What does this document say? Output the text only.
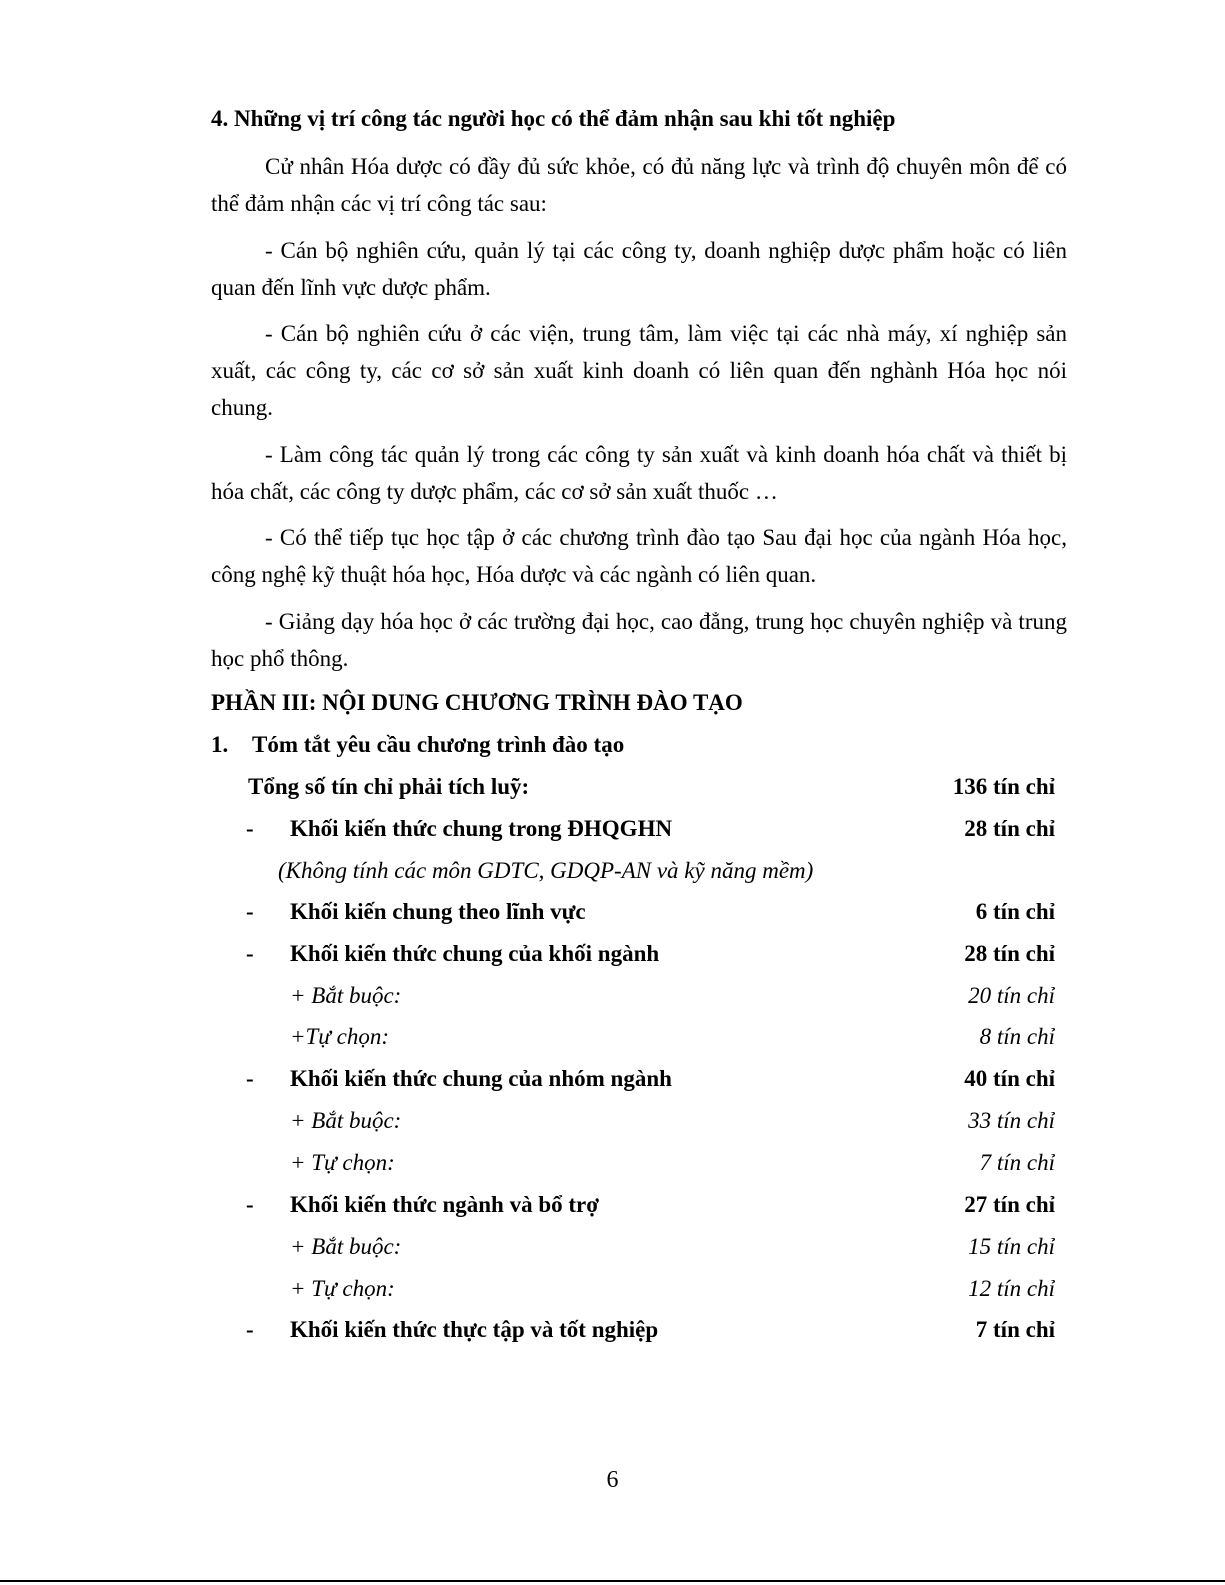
4. Những vị trí công tác người học có thể đảm nhận sau khi tốt nghiệp
Cử nhân Hóa dược có đầy đủ sức khỏe, có đủ năng lực và trình độ chuyên môn để có thể đảm nhận các vị trí công tác sau:
- Cán bộ nghiên cứu, quản lý tại các công ty, doanh nghiệp dược phẩm hoặc có liên quan đến lĩnh vực dược phẩm.
- Cán bộ nghiên cứu ở các viện, trung tâm, làm việc tại các nhà máy, xí nghiệp sản xuất, các công ty, các cơ sở sản xuất kinh doanh có liên quan đến nghành Hóa học nói chung.
- Làm công tác quản lý trong các công ty sản xuất và kinh doanh hóa chất và thiết bị hóa chất, các công ty dược phẩm, các cơ sở sản xuất thuốc …
- Có thể tiếp tục học tập ở các chương trình đào tạo Sau đại học của ngành Hóa học, công nghệ kỹ thuật hóa học, Hóa dược và các ngành có liên quan.
- Giảng dạy hóa học ở các trường đại học, cao đẳng, trung học chuyên nghiệp và trung học phổ thông.
PHẦN III: NỘI DUNG CHƯƠNG TRÌNH ĐÀO TẠO
1. Tóm tắt yêu cầu chương trình đào tạo
Tổng số tín chỉ phải tích luỹ:	136 tín chỉ
- Khối kiến thức chung trong ĐHQGHN	28 tín chỉ
(Không tính các môn GDTC, GDQP-AN và kỹ năng mềm)
- Khối kiến chung theo lĩnh vực	6 tín chỉ
- Khối kiến thức chung của khối ngành	28 tín chỉ
+ Bắt buộc:	20 tín chỉ
+Tự chọn:	8 tín chỉ
- Khối kiến thức chung của nhóm ngành	40 tín chỉ
+ Bắt buộc:	33 tín chỉ
+ Tự chọn:	7 tín chỉ
- Khối kiến thức ngành và bổ trợ	27 tín chỉ
+ Bắt buộc:	15 tín chỉ
+ Tự chọn:	12 tín chỉ
- Khối kiến thức thực tập và tốt nghiệp	7 tín chỉ
6
